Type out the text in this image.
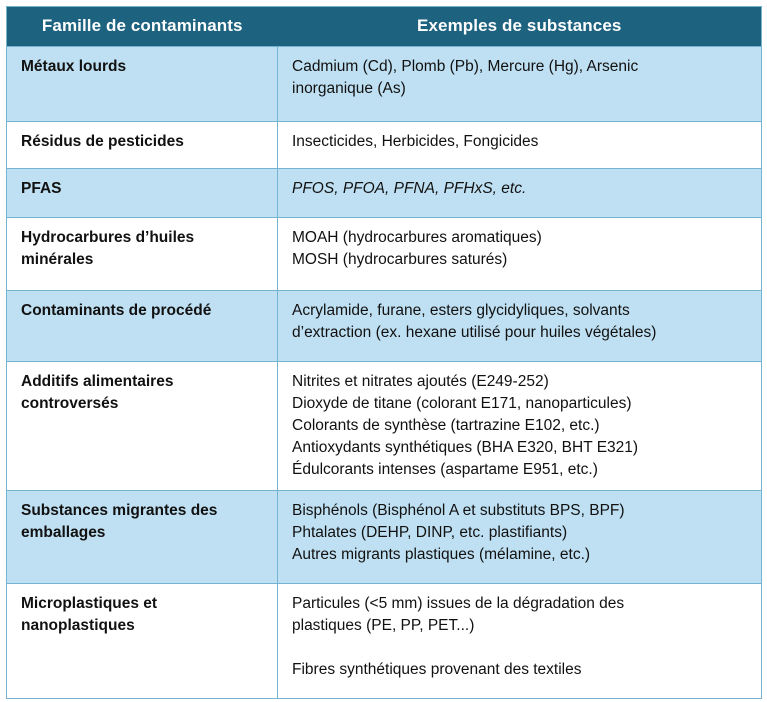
Famille de contaminants	Exemples de substances

Métaux lourds	Cadmium (Cd), Plomb (Pb), Mercure (Hg), Arsenic
inorganique (As)

Résidus de pesticides	Insecticides, Herbicides, Fongicides

PFAS	PFOS, PFOA, PFNA, PFHxS, etc.

Hydrocarbures d’huiles
minérales	MOAH (hydrocarbures aromatiques)
MOSH (hydrocarbures saturés)

Contaminants de procédé	Acrylamide, furane, esters glycidyliques, solvants
d’extraction (ex. hexane utilisé pour huiles végétales)

Additifs alimentaires
controversés	Nitrites et nitrates ajoutés (E249-252)
Dioxyde de titane (colorant E171, nanoparticules)
Colorants de synthèse (tartrazine E102, etc.)
Antioxydants synthétiques (BHA E320, BHT E321)
Édulcorants intenses (aspartame E951, etc.)

Substances migrantes des
emballages	Bisphénols (Bisphénol A et substituts BPS, BPF)
Phtalates (DEHP, DINP, etc. plastifiants)
Autres migrants plastiques (mélamine, etc.)

Microplastiques et
nanoplastiques	Particules (<5 mm) issues de la dégradation des
plastiques (PE, PP, PET...)
Fibres synthétiques provenant des textiles
